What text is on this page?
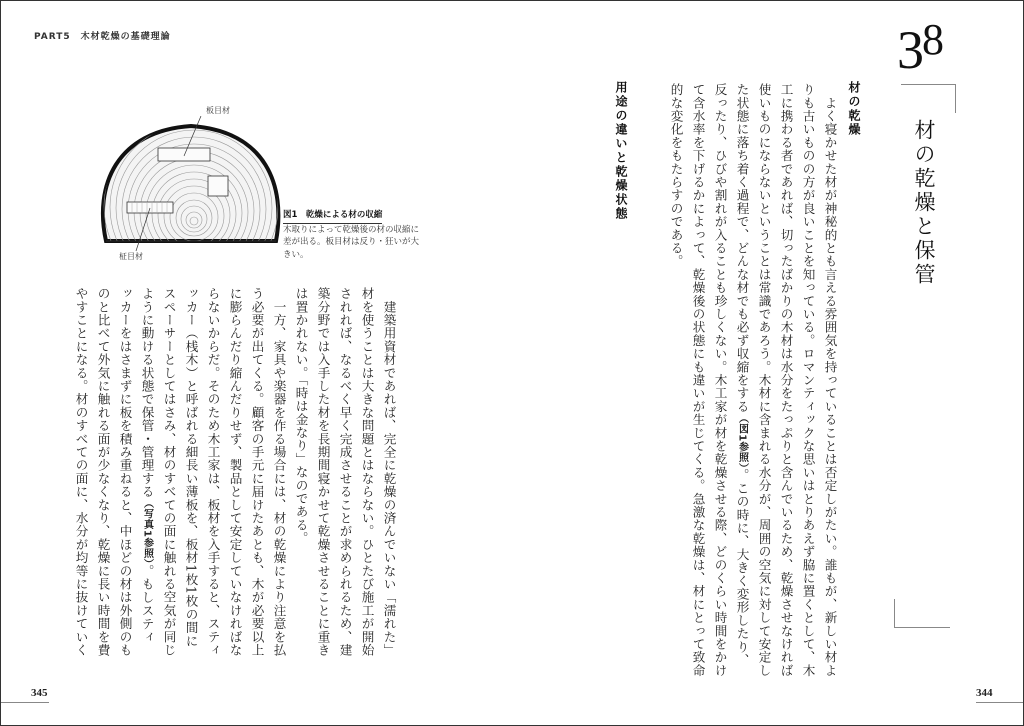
PART5　木材乾燥の基礎理論	38
材の乾燥と保管
材の乾燥
　よく寝かせた材が神秘的とも言える雰囲気を持っていることは否定しがたい。誰もが、新しい材よ
りも古いものの方が良いことを知っている。ロマンティックな思いはとりあえず脇に置くとして、木
工に携わる者であれば、切ったばかりの木材は水分をたっぷりと含んでいるため、乾燥させなければ
使いものにならないということは常識であろう。木材に含まれる水分が、周囲の空気に対して安定し
た状態に落ち着く過程で、どんな材でも必ず収縮をする（図1参照）。この時に、大きく変形したり、
反ったり、ひびや割れが入ることも珍しくない。木工家が材を乾燥させる際、どのくらい時間をかけ
て含水率を下げるかによって、乾燥後の状態にも違いが生じてくる。急激な乾燥は、材にとって致命
的な変化をもたらすのである。
用途の違いと乾燥状態
板目材
柾目材
図1　乾燥による材の収縮
木取りによって乾燥後の材の収縮に差が出る。板目材は反り・狂いが大きい。
　建築用資材であれば、完全に乾燥の済んでいない「濡れた」
材を使うことは大きな問題とはならない。ひとたび施工が開始
されれば、なるべく早く完成させることが求められるため、建
築分野では入手した材を長期間寝かせて乾燥させることに重き
は置かれない。「時は金なり」なのである。
　一方、家具や楽器を作る場合には、材の乾燥により注意を払
う必要が出てくる。顧客の手元に届けたあとも、木が必要以上
に膨らんだり縮んだりせず、製品として安定していなければな
らないからだ。そのため木工家は、板材を入手すると、スティ
ッカー（桟木）と呼ばれる細長い薄板を、板材1枚1枚の間に
スペーサーとしてはさみ、材のすべての面に触れる空気が同じ
ように動ける状態で保管・管理する（写真1参照）。もしスティ
ッカーをはさまずに板を積み重ねると、中ほどの材は外側のも
のと比べて外気に触れる面が少なくなり、乾燥に長い時間を費
やすことになる。材のすべての面に、水分が均等に抜けていく
345	344
